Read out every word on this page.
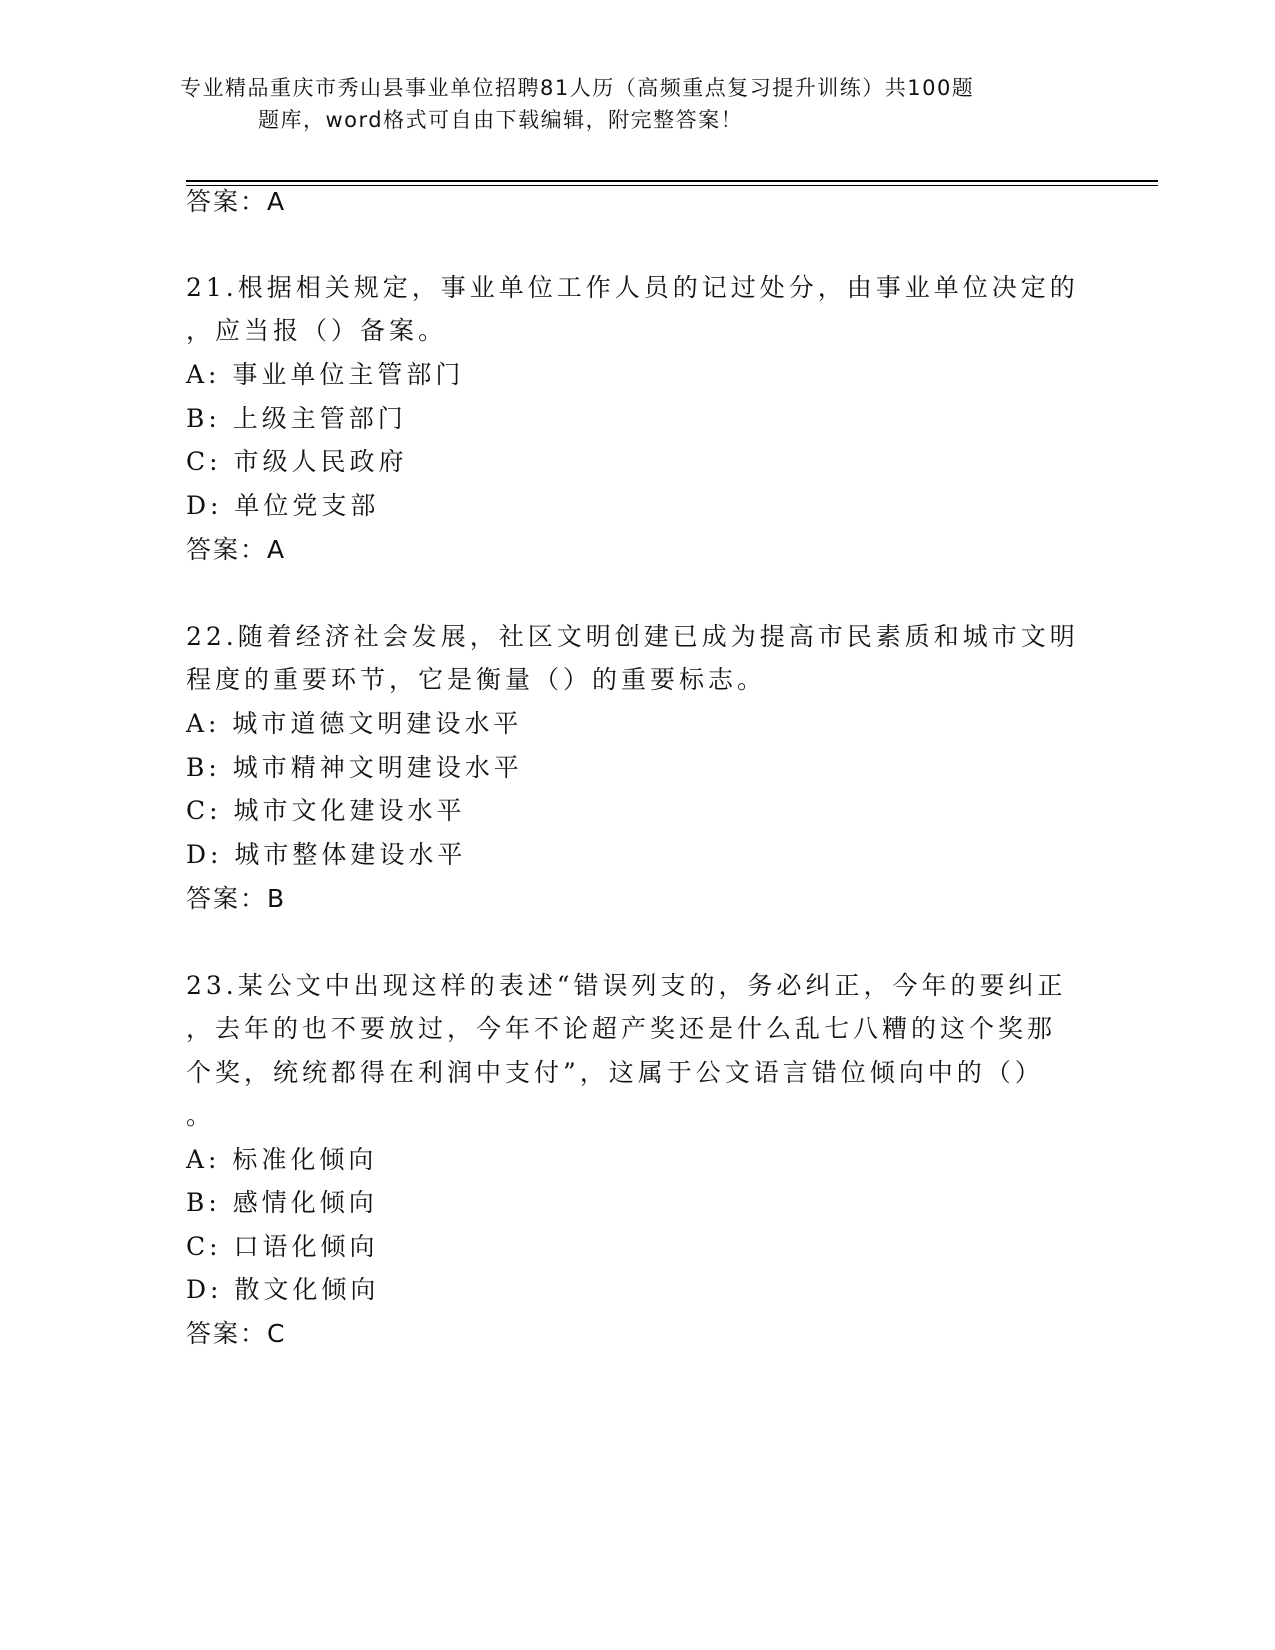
专业精品重庆市秀山县事业单位招聘81人历（高频重点复习提升训练）共100题
题库，word格式可自由下载编辑，附完整答案！
答案：A
21.根据相关规定，事业单位工作人员的记过处分，由事业单位决定的
，应当报（）备案。
A: 事业单位主管部门
B: 上级主管部门
C: 市级人民政府
D: 单位党支部
答案：A
22.随着经济社会发展，社区文明创建已成为提高市民素质和城市文明
程度的重要环节，它是衡量（）的重要标志。
A: 城市道德文明建设水平
B: 城市精神文明建设水平
C: 城市文化建设水平
D: 城市整体建设水平
答案：B
23.某公文中出现这样的表述“错误列支的，务必纠正，今年的要纠正
，去年的也不要放过，今年不论超产奖还是什么乱七八糟的这个奖那
个奖，统统都得在利润中支付”，这属于公文语言错位倾向中的（）
。
A: 标准化倾向
B: 感情化倾向
C: 口语化倾向
D: 散文化倾向
答案：C
